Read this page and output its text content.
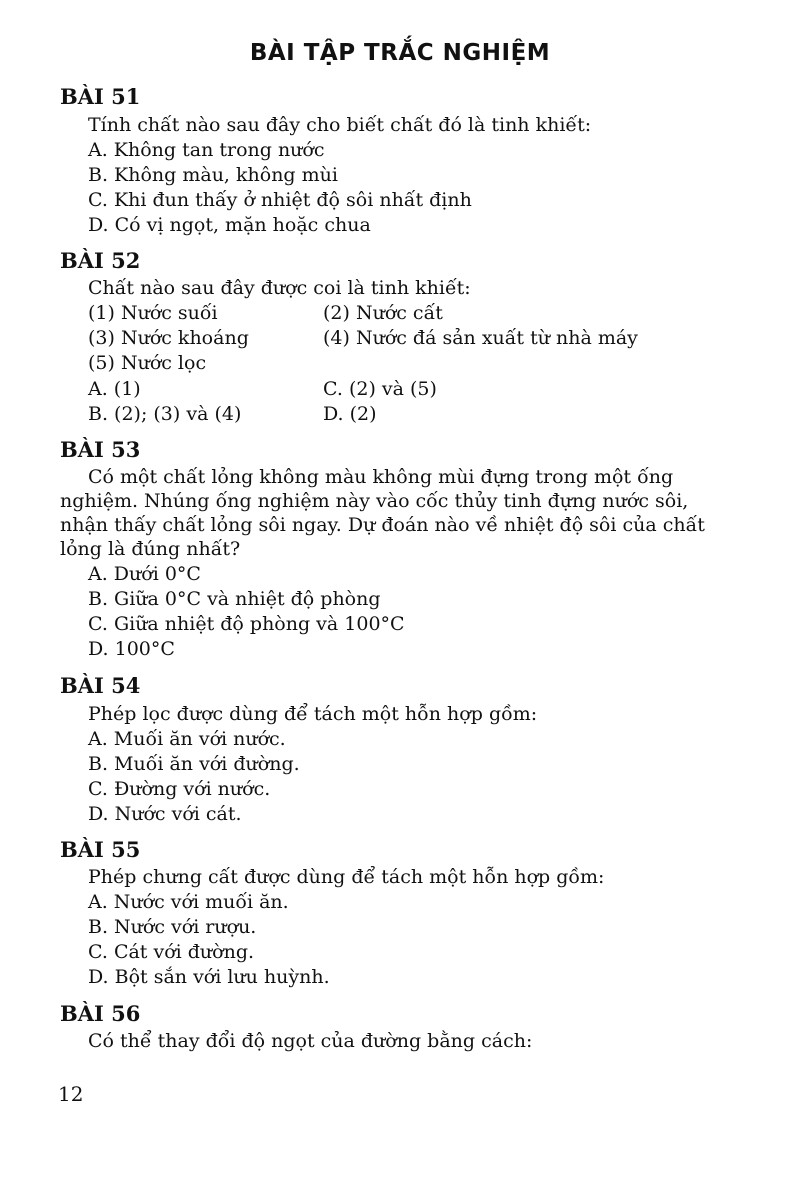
BÀI TẬP TRẮC NGHIỆM
BÀI 51
Tính chất nào sau đây cho biết chất đó là tinh khiết:
A. Không tan trong nước
B. Không màu, không mùi
C. Khi đun thấy ở nhiệt độ sôi nhất định
D. Có vị ngọt, mặn hoặc chua
BÀI 52
Chất nào sau đây được coi là tinh khiết:
(1) Nước suối	(2) Nước cất
(3) Nước khoáng	(4) Nước đá sản xuất từ nhà máy
(5) Nước lọc
A. (1)	C. (2) và (5)
B. (2); (3) và (4)	D. (2)
BÀI 53
Có một chất lỏng không màu không mùi đựng trong một ống
nghiệm. Nhúng ống nghiệm này vào cốc thủy tinh đựng nước sôi,
nhận thấy chất lỏng sôi ngay. Dự đoán nào về nhiệt độ sôi của chất
lỏng là đúng nhất?
A. Dưới 0°C
B. Giữa 0°C và nhiệt độ phòng
C. Giữa nhiệt độ phòng và 100°C
D. 100°C
BÀI 54
Phép lọc được dùng để tách một hỗn hợp gồm:
A. Muối ăn với nước.
B. Muối ăn với đường.
C. Đường với nước.
D. Nước với cát.
BÀI 55
Phép chưng cất được dùng để tách một hỗn hợp gồm:
A. Nước với muối ăn.
B. Nước với rượu.
C. Cát với đường.
D. Bột sắn với lưu huỳnh.
BÀI 56
Có thể thay đổi độ ngọt của đường bằng cách:
12
